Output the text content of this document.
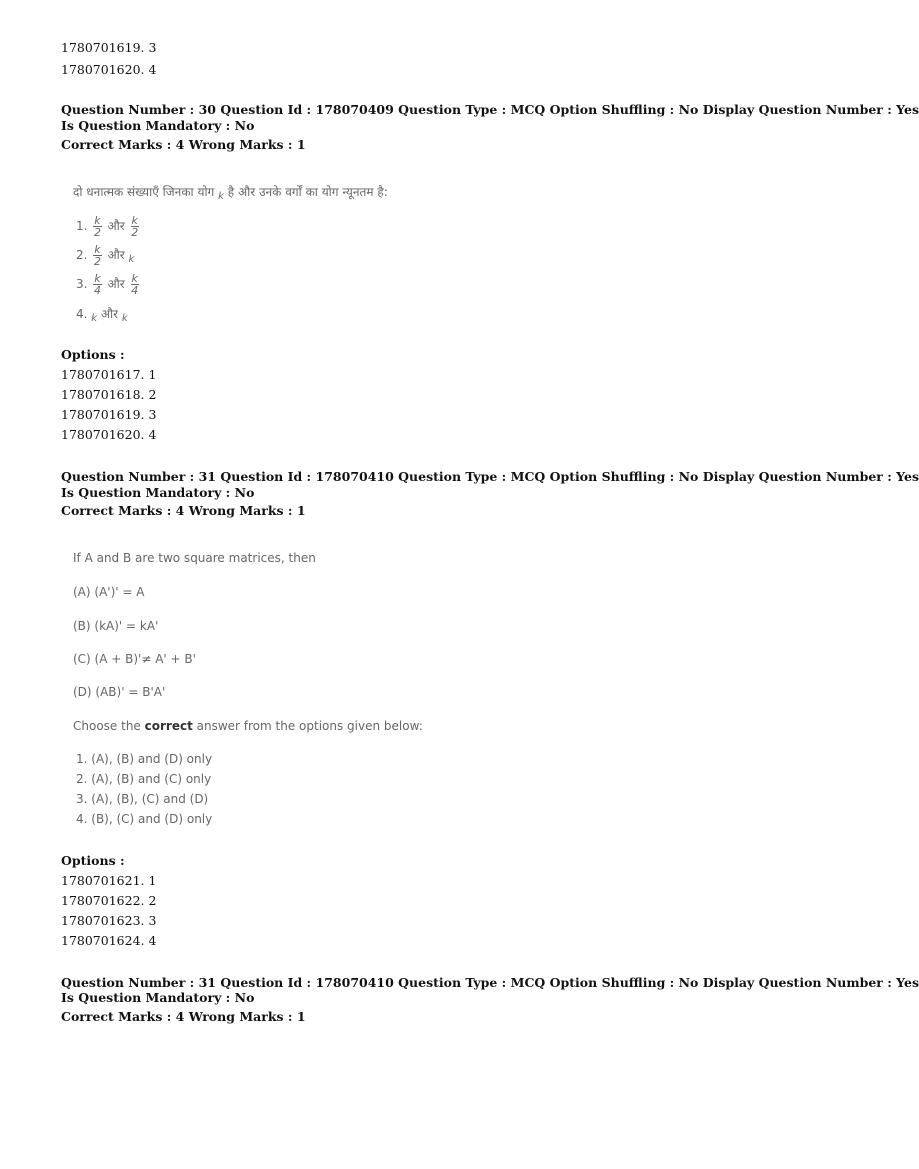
1780701619. 3
1780701620. 4
Question Number : 30 Question Id : 178070409 Question Type : MCQ Option Shuffling : No Display Question Number : Yes
Is Question Mandatory : No
Correct Marks : 4 Wrong Marks : 1
दो धनात्मक संख्याएँ जिनका योग $_k$ है और उनके वर्गों का योग न्यूनतम है:
1. $\frac{k}{2}$ और $\frac{k}{2}$
2. $\frac{k}{2}$ और $_k$
3. $\frac{k}{4}$ और $\frac{k}{4}$
4. $_k$ और $_k$
Options :
1780701617. 1
1780701618. 2
1780701619. 3
1780701620. 4
Question Number : 31 Question Id : 178070410 Question Type : MCQ Option Shuffling : No Display Question Number : Yes
Is Question Mandatory : No
Correct Marks : 4 Wrong Marks : 1
If A and B are two square matrices, then
(A) (A')' = A
(B) (kA)' = kA'
(C) (A + B)'≠ A' + B'
(D) (AB)' = B'A'
Choose the correct answer from the options given below:
1. (A), (B) and (D) only
2. (A), (B) and (C) only
3. (A), (B), (C) and (D)
4. (B), (C) and (D) only
Options :
1780701621. 1
1780701622. 2
1780701623. 3
1780701624. 4
Question Number : 31 Question Id : 178070410 Question Type : MCQ Option Shuffling : No Display Question Number : Yes
Is Question Mandatory : No
Correct Marks : 4 Wrong Marks : 1
